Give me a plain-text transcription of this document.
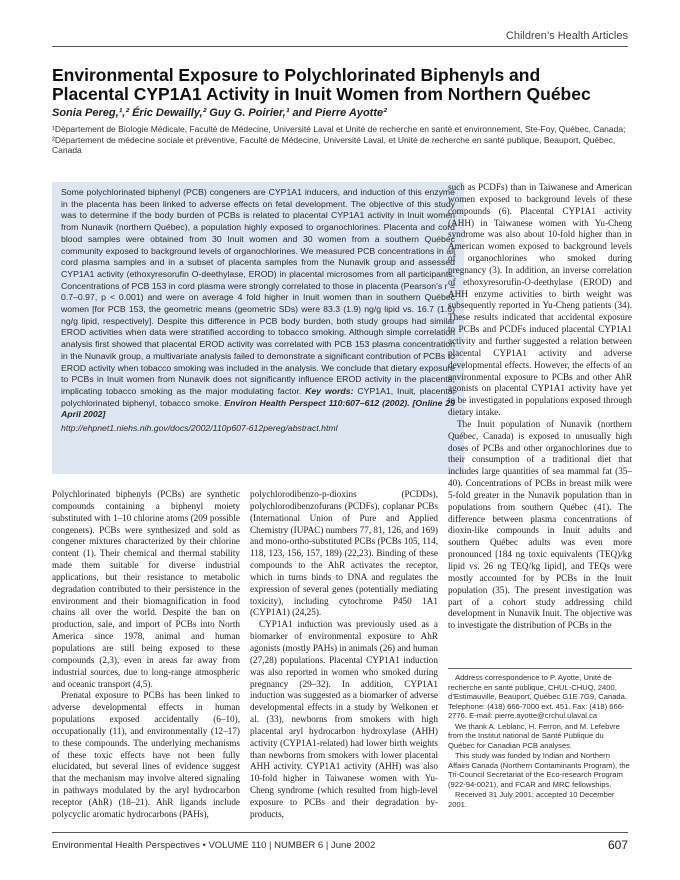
Children’s Health Articles
Environmental Exposure to Polychlorinated Biphenyls and Placental CYP1A1 Activity in Inuit Women from Northern Québec
Sonia Pereg,¹,² Éric Dewailly,² Guy G. Poirier,¹ and Pierre Ayotte²
¹Département de Biologie Médicale, Faculté de Médecine, Université Laval et Unité de recherche en santé et environnement, Ste-Foy, Québec, Canada; ²Département de médecine sociale et préventive, Faculté de Médecine, Université Laval, et Unité de recherche en santé publique, Beauport, Québec, Canada
Some polychlorinated biphenyl (PCB) congeners are CYP1A1 inducers, and induction of this enzyme in the placenta has been linked to adverse effects on fetal development. The objective of this study was to determine if the body burden of PCBs is related to placental CYP1A1 activity in Inuit women from Nunavik (northern Québec), a population highly exposed to organochlorines. Placenta and cord blood samples were obtained from 30 Inuit women and 30 women from a southern Québec community exposed to background levels of organochlorines. We measured PCB concentrations in all cord plasma samples and in a subset of placenta samples from the Nunavik group and assessed CYP1A1 activity (ethoxyresorufin O-deethylase, EROD) in placental microsomes from all participants. Concentrations of PCB 153 in cord plasma were strongly correlated to those in placenta (Pearson’s r = 0.7–0.97, p < 0.001) and were on average 4 fold higher in Inuit women than in southern Québec women [for PCB 153, the geometric means (geometric SDs) were 83.3 (1.9) ng/g lipid vs. 16.7 (1.6) ng/g lipid, respectively]. Despite this difference in PCB body burden, both study groups had similar EROD activities when data were stratified according to tobacco smoking. Although simple correlation analysis first showed that placental EROD activity was correlated with PCB 153 plasma concentration in the Nunavik group, a multivariate analysis failed to demonstrate a significant contribution of PCBs to EROD activity when tobacco smoking was included in the analysis. We conclude that dietary exposure to PCBs in Inuit women from Nunavik does not significantly influence EROD activity in the placenta, implicating tobacco smoking as the major modulating factor. Key words: CYP1A1, Inuit, placenta, polychlorinated biphenyl, tobacco smoke. Environ Health Perspect 110:607–612 (2002). [Online 29 April 2002]
http://ehpnet1.niehs.nih.gov/docs/2002/110p607-612pereg/abstract.html

Polychlorinated biphenyls (PCBs) are synthetic compounds containing a biphenyl moiety substituted with 1–10 chlorine atoms (209 possible congeners). PCBs were synthesized and sold as congener mixtures characterized by their chlorine content (1). Their chemical and thermal stability made them suitable for diverse industrial applications, but their resistance to metabolic degradation contributed to their persistence in the environment and their biomagnification in food chains all over the world. Despite the ban on production, sale, and import of PCBs into North America since 1978, animal and human populations are still being exposed to these compounds (2,3), even in areas far away from industrial sources, due to long-range atmospheric and oceanic transport (4,5).

Prenatal exposure to PCBs has been linked to adverse developmental effects in human populations exposed accidentally (6–10), occupationally (11), and environmentally (12–17) to these compounds. The underlying mechanisms of these toxic effects have not been fully elucidated, but several lines of evidence suggest that the mechanism may involve altered signaling in pathways modulated by the aryl hydrocarbon receptor (AhR) (18–21). AhR ligands include polycyclic aromatic hydrocarbons (PAHs),

polychlorodibenzo-p-dioxins (PCDDs), polychlorodibenzofurans (PCDFs), coplanar PCBs (International Union of Pure and Applied Chemistry (IUPAC) numbers 77, 81, 126, and 169) and mono-ortho-substituted PCBs (PCBs 105, 114, 118, 123, 156, 157, 189) (22,23). Binding of these compounds to the AhR activates the receptor, which in turns binds to DNA and regulates the expression of several genes (potentially mediating toxicity), including cytochrome P450 1A1 (CYP1A1) (24,25).

CYP1A1 induction was previously used as a biomarker of environmental exposure to AhR agonists (mostly PAHs) in animals (26) and human (27,28) populations. Placental CYP1A1 induction was also reported in women who smoked during pregnancy (29–32). In addition, CYP1A1 induction was suggested as a biomarker of adverse developmental effects in a study by Welkonen et al. (33), newborns from smokers with high placental aryl hydrocarbon hydroxylase (AHH) activity (CYP1A1-related) had lower birth weights than newborns from smokers with lower placental AHH activity. CYP1A1 activity (AHH) was also 10-fold higher in Taiwanese women with Yu-Cheng syndrome (which resulted from high-level exposure to PCBs and their degradation by-products,

such as PCDFs) than in Taiwanese and American women exposed to background levels of these compounds (6). Placental CYP1A1 activity (AHH) in Taiwanese women with Yu-Cheng syndrome was also about 10-fold higher than in American women exposed to background levels of organochlorines who smoked during pregnancy (3). In addition, an inverse correlation of ethoxyresorufin-O-deethylase (EROD) and AHH enzyme activities to birth weight was subsequently reported in Yu-Cheng patients (34). These results indicated that accidental exposure to PCBs and PCDFs induced placental CYP1A1 activity and further suggested a relation between placental CYP1A1 activity and adverse developmental effects. However, the effects of an environmental exposure to PCBs and other AhR agonists on placental CYP1A1 activity have yet to be investigated in populations exposed through dietary intake.

The Inuit population of Nunavik (northern Québec, Canada) is exposed to unusually high doses of PCBs and other organochlorines due to their consumption of a traditional diet that includes large quantities of sea mammal fat (35–40). Concentrations of PCBs in breast milk were 5-fold greater in the Nunavik population than in populations from southern Québec (41). The difference between plasma concentrations of dioxin-like compounds in Inuit adults and southern Québec adults was even more pronounced [184 ng toxic equivalents (TEQ)/kg lipid vs. 26 ng TEQ/kg lipid], and TEQs were mostly accounted for by PCBs in the Inuit population (35). The present investigation was part of a cohort study addressing child development in Nunavik Inuit. The objective was to investigate the distribution of PCBs in the

Address correspondence to P. Ayotte, Unité de recherche en santé publique, CHUL-CHUQ, 2400, d’Estimauville, Beauport, Québec G1E 7G9, Canada. Telephone: (418) 666-7000 ext. 451. Fax: (418) 666-2776. E-mail: pierre.ayotte@crchul.ulaval.ca

We thank A. Leblanc, H. Ferron, and M. Lefebvre from the Institut national de Santé Publique du Québec for Canadian PCB analyses.

This study was funded by Indian and Northern Affairs Canada (Northern Contaminants Program), the Tri-Council Secretariat of the Eco-research Program (922-94-0021), and FCAR and MRC fellowships.

Received 31 July 2001; accepted 10 December 2001.

Environmental Health Perspectives • VOLUME 110 | NUMBER 6 | June 2002	607
